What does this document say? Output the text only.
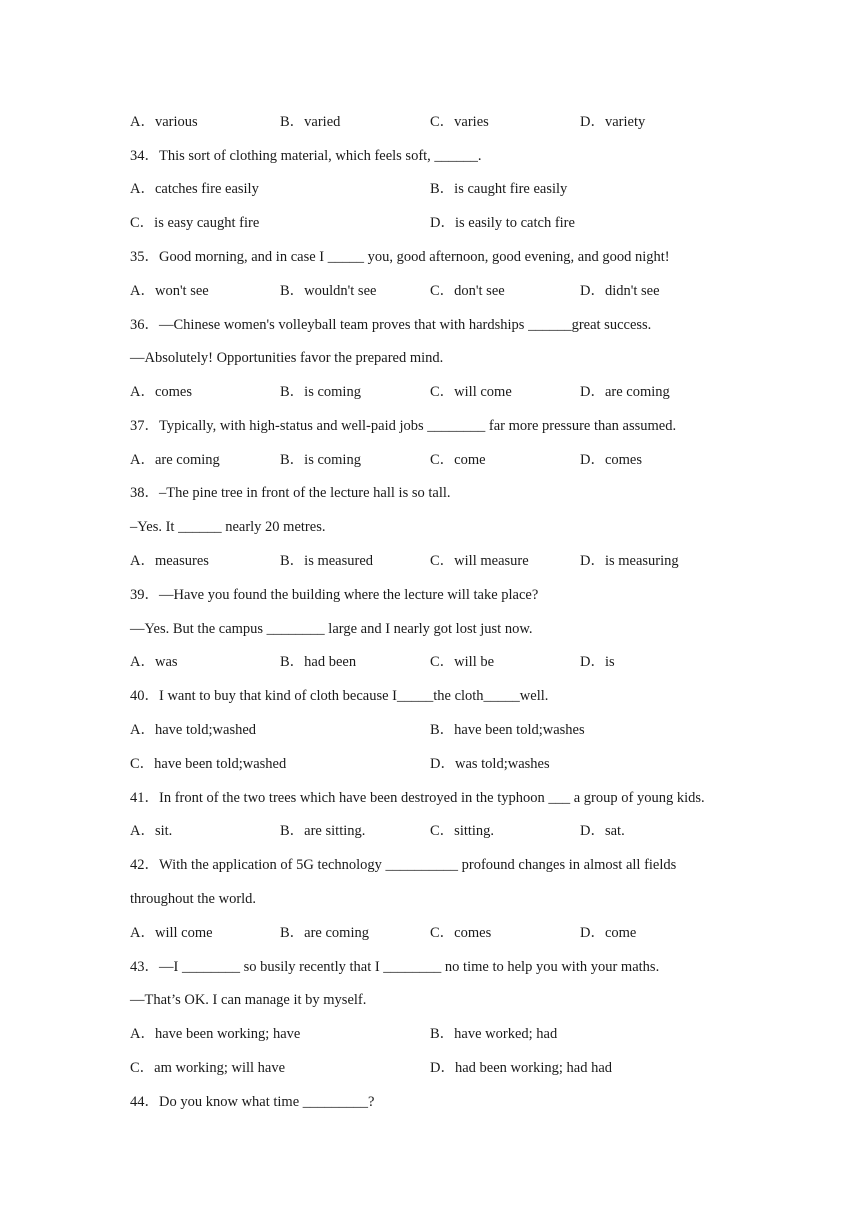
A．various	B．varied	C．varies	D．variety
34．This sort of clothing material, which feels soft, ______.
A．catches fire easily	B．is caught fire easily
C．is easy caught fire	D．is easily to catch fire
35．Good morning, and in case I _____ you, good afternoon, good evening, and good night!
A．won't see	B．wouldn't see	C．don't see	D．didn't see
36．—Chinese women's volleyball team proves that with hardships ______great success.
—Absolutely! Opportunities favor the prepared mind.
A．comes	B．is coming	C．will come	D．are coming
37．Typically, with high-status and well-paid jobs ________ far more pressure than assumed.
A．are coming	B．is coming	C．come	D．comes
38．–The pine tree in front of the lecture hall is so tall.
–Yes. It ______ nearly 20 metres.
A．measures	B．is measured	C．will measure	D．is measuring
39．—Have you found the building where the lecture will take place?
—Yes. But the campus ________ large and I nearly got lost just now.
A．was	B．had been	C．will be	D．is
40．I want to buy that kind of cloth because I_____the cloth_____well.
A．have told;washed	B．have been told;washes
C．have been told;washed	D．was told;washes
41．In front of the two trees which have been destroyed in the typhoon ___ a group of young kids.
A．sit.	B．are sitting.	C．sitting.	D．sat.
42．With the application of 5G technology __________ profound changes in almost all fields
throughout the world.
A．will come	B．are coming	C．comes	D．come
43．—I ________ so busily recently that I ________ no time to help you with your maths.
—That’s OK. I can manage it by myself.
A．have been working; have	B．have worked; had
C．am working; will have	D．had been working; had had
44．Do you know what time _________?
